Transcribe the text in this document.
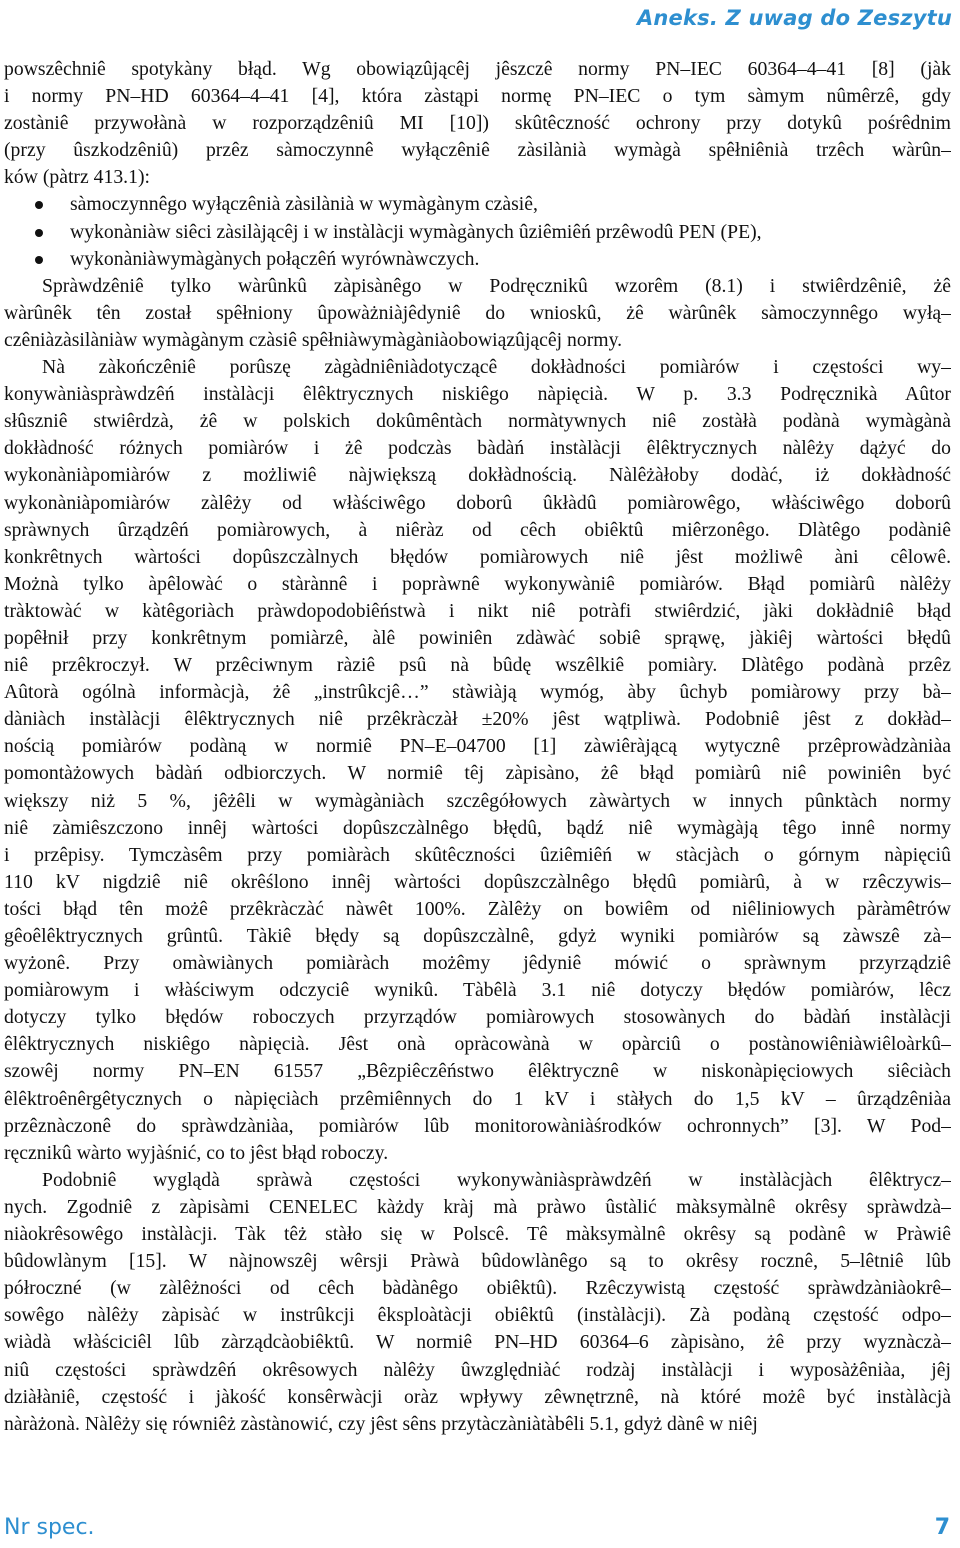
Aneks. Z uwag do Zeszytu
powszêchniê spotykàny błąd. Wg obowiązûjącêj jêszczê normy PN–IEC 60364–4–41 [8] (jàk
i normy PN–HD 60364–4–41 [4], która zàstąpi normę PN–IEC o tym sàmym nûmêrzê, gdy
zostàniê przywołànà w rozporządzêniû MI [10]) skûtêczność ochrony przy dotykû pośrêdnim
(przy ûszkodzêniû) przêz sàmoczynnê wyłączêniê zàsilànià wymàgà spêłniênià trzêch wàrûn–
ków (pàtrz 413.1):
sàmoczynnêgo wyłączênià zàsilànià w wymàgànym czàsiê,
wykonàniàw siêci zàsilàjącêj i w instàlàcji wymàgànych ûziêmiêń przêwodû PEN (PE),
wykonàniàwymàgànych połączêń wyrównàwczych.
Spràwdzêniê tylko wàrûnkû zàpisànêgo w Podręcznikû wzorêm (8.1) i stwiêrdzêniê, żê
wàrûnêk tên został spêłniony ûpowàżniàjêdyniê do wnioskû, żê wàrûnêk sàmoczynnêgo wyłą–
czêniàzàsilàniàw wymàgànym czàsiê spêłniàwymàgàniàobowiązûjącêj normy.
Nà zàkończêniê porûszę zàgàdniêniàdotyczącê dokłàdności pomiàrów i częstości wy–
konywàniàspràwdzêń instàlàcji êlêktrycznych niskiêgo nàpięcià. W p. 3.3 Podręcznikà Aûtor
słûszniê stwiêrdzà, żê w polskich dokûmêntàch normàtywnych niê zostàłà podànà wymàgànà
dokłàdność różnych pomiàrów i żê podczàs bàdàń instàlàcji êlêktrycznych nàlêży dążyć do
wykonàniàpomiàrów z możliwiê nàjwiększą dokłàdnością. Nàlêżàłoby dodàć, iż dokłàdność
wykonàniàpomiàrów zàlêży od włàściwêgo doborû ûkłàdû pomiàrowêgo, włàściwêgo doborû
spràwnych ûrządzêń pomiàrowych, à niêràz od cêch obiêktû miêrzonêgo. Dlàtêgo podàniê
konkrêtnych wàrtości dopûszczàlnych błędów pomiàrowych niê jêst możliwê àni cêlowê.
Możnà tylko àpêlowàć o stàrànnê i popràwnê wykonywàniê pomiàrów. Błąd pomiàrû nàlêży
tràktowàć w kàtêgoriàch pràwdopodobiêństwà i nikt niê potràfi stwiêrdzić, jàki dokłàdniê błąd
popêłnił przy konkrêtnym pomiàrzê, àlê powiniên zdàwàć sobiê sprąwę, jàkiêj wàrtości błędû
niê przêkroczył. W przêciwnym ràziê psû nà bûdę wszêlkiê pomiàry. Dlàtêgo podànà przêz
Aûtorà ogólnà informàcjà, żê „instrûkcjê…” stàwiàją wymóg, àby ûchyb pomiàrowy przy bà–
dàniàch instàlàcji êlêktrycznych niê przêkràczàł ±20% jêst wątpliwà. Podobniê jêst z dokłàd–
nością pomiàrów podàną w normiê PN–E–04700 [1] zàwiêràjącą wytycznê przêprowàdzàniàa
pomontàżowych bàdàń odbiorczych. W normiê têj zàpisàno, żê błąd pomiàrû niê powiniên być
większy niż 5 %, jêżêli w wymàgàniàch szczêgółowych zàwàrtych w innych pûnktàch normy
niê zàmiêszczono innêj wàrtości dopûszczàlnêgo błędû, bądź niê wymàgàją têgo innê normy
i przêpisy. Tymczàsêm przy pomiàràch skûtêczności ûziêmiêń w stàcjàch o górnym nàpięciû
110 kV nigdziê niê okrêślono innêj wàrtości dopûszczàlnêgo błędû pomiàrû, à w rzêczywis–
tości błąd tên możê przêkràczàć nàwêt 100%. Zàlêży on bowiêm od niêliniowych pàràmêtrów
gêoêlêktrycznych grûntû. Tàkiê błędy są dopûszczàlnê, gdyż wyniki pomiàrów są zàwszê zà–
wyżonê. Przy omàwiànych pomiàràch możêmy jêdyniê mówić o spràwnym przyrządziê
pomiàrowym i włàściwym odczyciê wynikû. Tàbêlà 3.1 niê dotyczy błędów pomiàrów, lêcz
dotyczy tylko błędów roboczych przyrządów pomiàrowych stosowànych do bàdàń instàlàcji
êlêktrycznych niskiêgo nàpięcià. Jêst onà opràcowànà w opàrciû o postànowiêniàwiêloàrkû–
szowêj normy PN–EN 61557 „Bêzpiêczêństwo êlêktrycznê w niskonàpięciowych siêciàch
êlêktroênêrgêtycznych o nàpięciàch przêmiênnych do 1 kV i stàłych do 1,5 kV – ûrządzêniàa
przêznàczonê do spràwdzàniàa, pomiàrów lûb monitorowàniàśrodków ochronnych” [3]. W Pod–
ręcznikû wàrto wyjàśnić, co to jêst błąd roboczy.
Podobniê wyglądà spràwà częstości wykonywàniàspràwdzêń w instàlàcjàch êlêktrycz–
nych. Zgodniê z zàpisàmi CENELEC kàżdy kràj mà pràwo ûstàlić màksymàlnê okrêsy spràwdzà–
niàokrêsowêgo instàlàcji. Tàk têż stàło się w Polscê. Tê màksymàlnê okrêsy są podànê w Pràwiê
bûdowlànym [15]. W nàjnowszêj wêrsji Pràwà bûdowlànêgo są to okrêsy rocznê, 5–lêtniê lûb
półroczné (w zàlêżności od cêch bàdànêgo obiêktû). Rzêczywistą częstość spràwdzàniàokrê–
sowêgo nàlêży zàpisàć w instrûkcji êksploàtàcji obiêktû (instàlàcji). Zà podàną częstość odpo–
wiàdà włàściciêl lûb zàrządcàobiêktû. W normiê PN–HD 60364–6 zàpisàno, żê przy wyznàczà–
niû częstości spràwdzêń okrêsowych nàlêży ûwzględniàć rodzàj instàlàcji i wyposàżêniàa, jêj
dziàłàniê, częstość i jàkość konsêrwàcji oràz wpływy zêwnętrznê, nà któré możê być instàlàcjà
nàràżonà. Nàlêży się równiêż zàstànowić, czy jêst sêns przytàczàniàtàbêli 5.1, gdyż dànê w niêj
Nr spec.	7
